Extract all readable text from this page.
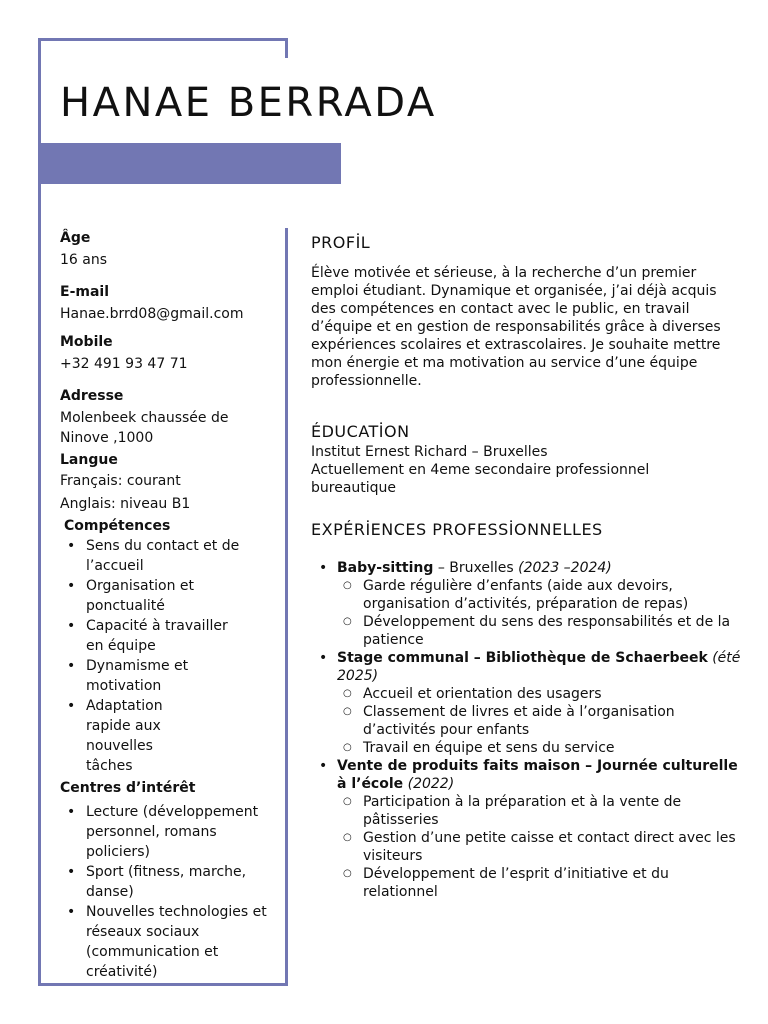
HANAE BERRADA
Âge
16 ans
E-mail
Hanae.brrd08@gmail.com
Mobile
+32 491 93 47 71
Adresse
Molenbeek chaussée de
Ninove ,1000
Langue
Français: courant
Anglais: niveau B1
Compétences
• Sens du contact et de l’accueil
• Organisation et ponctualité
• Capacité à travailler en équipe
• Dynamisme et motivation
• Adaptation rapide aux nouvelles tâches
Centres d’intérêt
• Lecture (développement personnel, romans policiers)
• Sport (fitness, marche, danse)
• Nouvelles technologies et réseaux sociaux (communication et créativité)
PROFİL

Élève motivée et sérieuse, à la recherche d’un premier emploi étudiant. Dynamique et organisée, j’ai déjà acquis des compétences en contact avec le public, en travail d’équipe et en gestion de responsabilités grâce à diverses expériences scolaires et extrascolaires. Je souhaite mettre mon énergie et ma motivation au service d’une équipe professionnelle.

ÉDUCATİON
Institut Ernest Richard – Bruxelles
Actuellement en 4eme secondaire professionnel bureautique
EXPÉRİENCES PROFESSİONNELLES
• Baby-sitting – Bruxelles (2023 –2024)
○ Garde régulière d’enfants (aide aux devoirs, organisation d’activités, préparation de repas)
○ Développement du sens des responsabilités et de la patience
• Stage communal – Bibliothèque de Schaerbeek (été 2025)
○ Accueil et orientation des usagers
○ Classement de livres et aide à l’organisation d’activités pour enfants
○ Travail en équipe et sens du service
• Vente de produits faits maison – Journée culturelle à l’école (2022)
○ Participation à la préparation et à la vente de pâtisseries
○ Gestion d’une petite caisse et contact direct avec les visiteurs
○ Développement de l’esprit d’initiative et du relationnel
